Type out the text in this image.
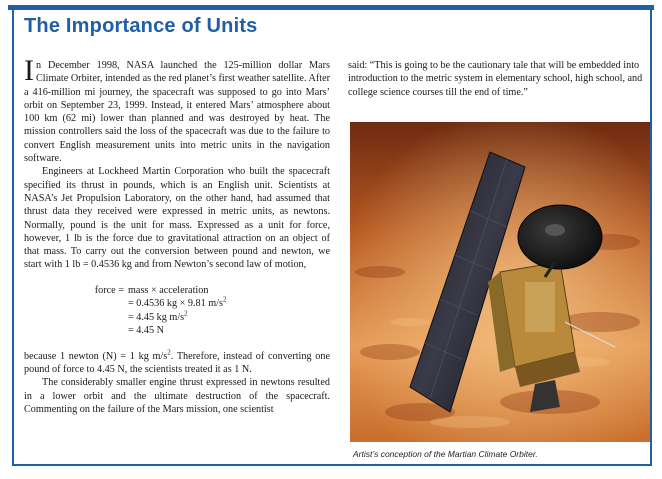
The Importance of Units

In December 1998, NASA launched the 125-million dollar Mars Climate Orbiter, intended as the red planet’s first weather satellite. After a 416-million mi journey, the spacecraft was supposed to go into Mars’ orbit on September 23, 1999. Instead, it entered Mars’ atmosphere about 100 km (62 mi) lower than planned and was destroyed by heat. The mission controllers said the loss of the spacecraft was due to the failure to convert English measurement units into metric units in the navigation software.

Engineers at Lockheed Martin Corporation who built the spacecraft specified its thrust in pounds, which is an English unit. Scientists at NASA’s Jet Propulsion Laboratory, on the other hand, had assumed that thrust data they received were expressed in metric units, as newtons. Normally, pound is the unit for mass. Expressed as a unit for force, however, 1 lb is the force due to gravitational attraction on an object of that mass. To carry out the conversion between pound and newton, we start with 1 lb = 0.4536 kg and from Newton’s second law of motion,

force = mass × acceleration
= 0.4536 kg × 9.81 $m/s^2$
= 4.45 kg $m/s^2$
= 4.45 N

because 1 newton (N) = 1 kg $m/s^2$. Therefore, instead of converting one pound of force to 4.45 N, the scientists treated it as 1 N.

The considerably smaller engine thrust expressed in newtons resulted in a lower orbit and the ultimate destruction of the spacecraft. Commenting on the failure of the Mars mission, one scientist

said: “This is going to be the cautionary tale that will be embedded into introduction to the metric system in elementary school, high school, and college science courses till the end of time.”

Artist’s conception of the Martian Climate Orbiter.
